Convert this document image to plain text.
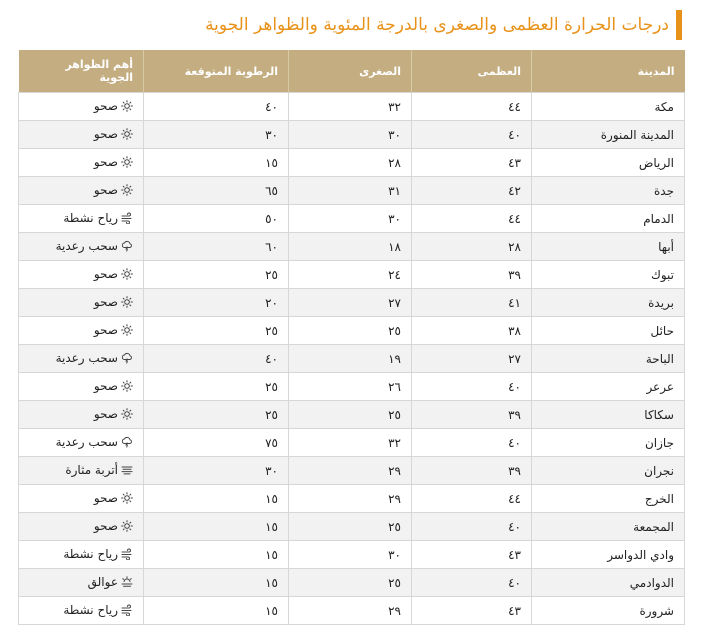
درجات الحرارة العظمى والصغرى بالدرجة المئوية والظواهر الجوية
المدينة	العظمى	الصغرى	الرطوبة المتوقعة	أهم الظواهر الجوية
مكة	٤٤	٣٢	٤٠	صحو

المدينة المنورة	٤٠	٣٠	٣٠	صحو

الرياض	٤٣	٢٨	١٥	صحو

جدة	٤٢	٣١	٦٥	صحو

الدمام	٤٤	٣٠	٥٠	رياح نشطة

أبها	٢٨	١٨	٦٠	سحب رعدية

تبوك	٣٩	٢٤	٢٥	صحو

بريدة	٤١	٢٧	٢٠	صحو

حائل	٣٨	٢٥	٢٥	صحو

الباحة	٢٧	١٩	٤٠	سحب رعدية

عرعر	٤٠	٢٦	٢٥	صحو

سكاكا	٣٩	٢٥	٢٥	صحو

جازان	٤٠	٣٢	٧٥	سحب رعدية

نجران	٣٩	٢٩	٣٠	أتربة مثارة

الخرج	٤٤	٢٩	١٥	صحو

المجمعة	٤٠	٢٥	١٥	صحو

وادي الدواسر	٤٣	٣٠	١٥	رياح نشطة

الدوادمي	٤٠	٢٥	١٥	عوالق

شرورة	٤٣	٢٩	١٥	رياح نشطة
